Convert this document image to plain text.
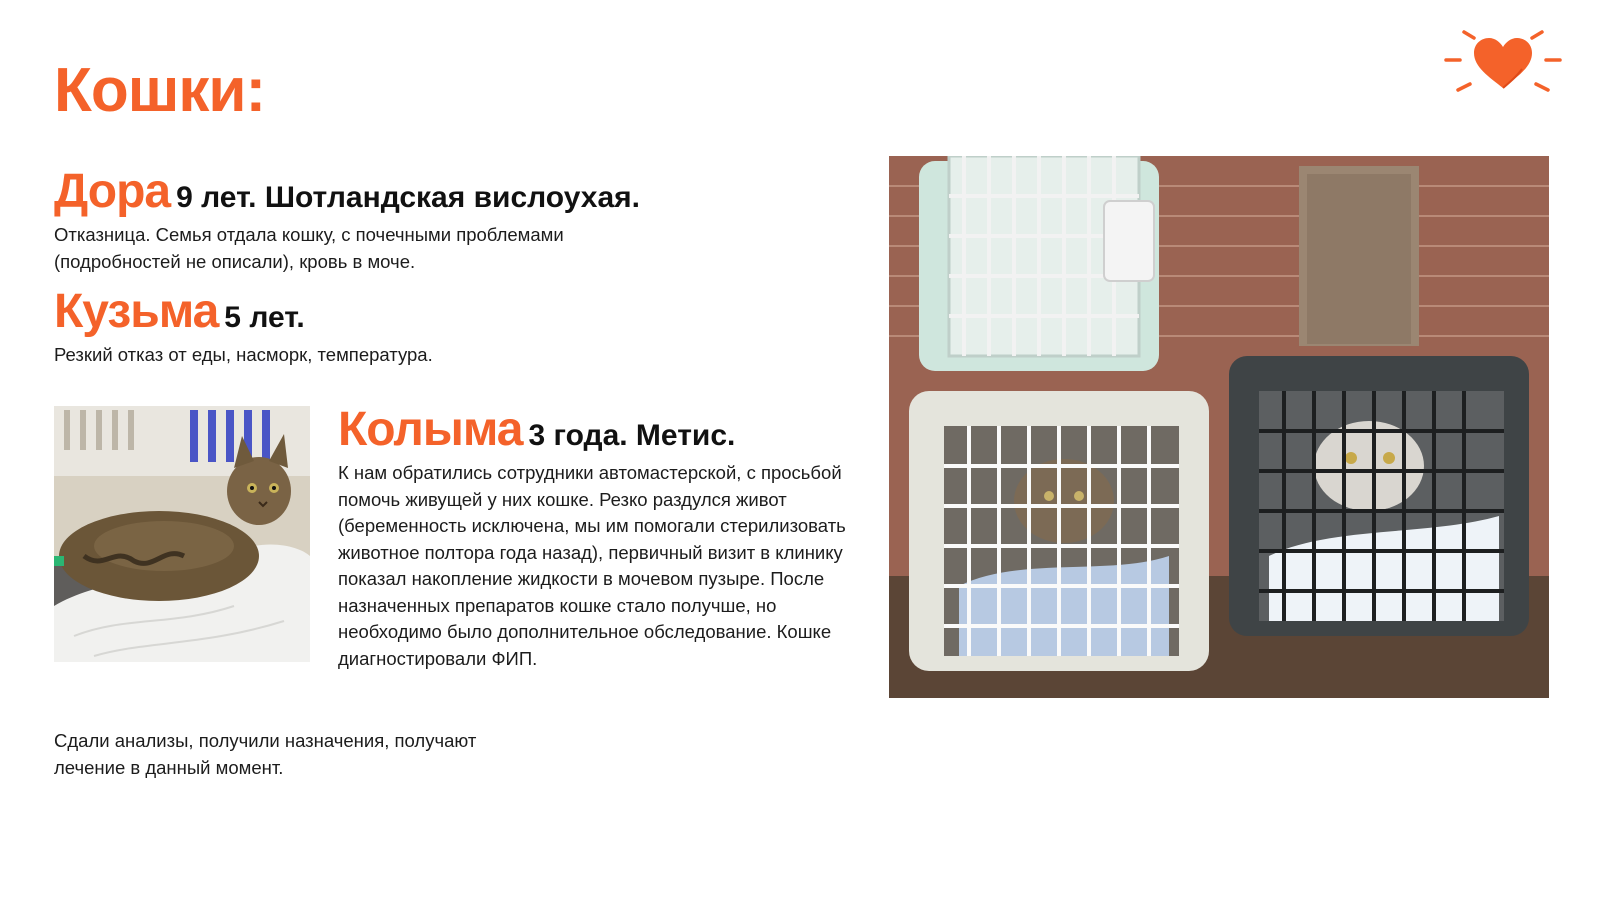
Кошки:
Дора 9 лет. Шотландская вислоухая.

Отказница. Семья отдала кошку, с почечными проблемами (подробностей не описали), кровь в моче.

Кузьма 5 лет.

Резкий отказ от еды, насморк, температура.

Колыма 3 года. Метис.

К нам обратились сотрудники автомастерской, с просьбой помочь живущей у них кошке. Резко раздулся живот (беременность исключена, мы им помогали стерилизовать животное полтора года назад), первичный визит в клинику показал накопление жидкости в мочевом пузыре. После назначенных препаратов кошке стало получше, но необходимо было дополнительное обследование. Кошке диагностировали ФИП.

Сдали анализы, получили назначения, получают лечение в данный момент.
